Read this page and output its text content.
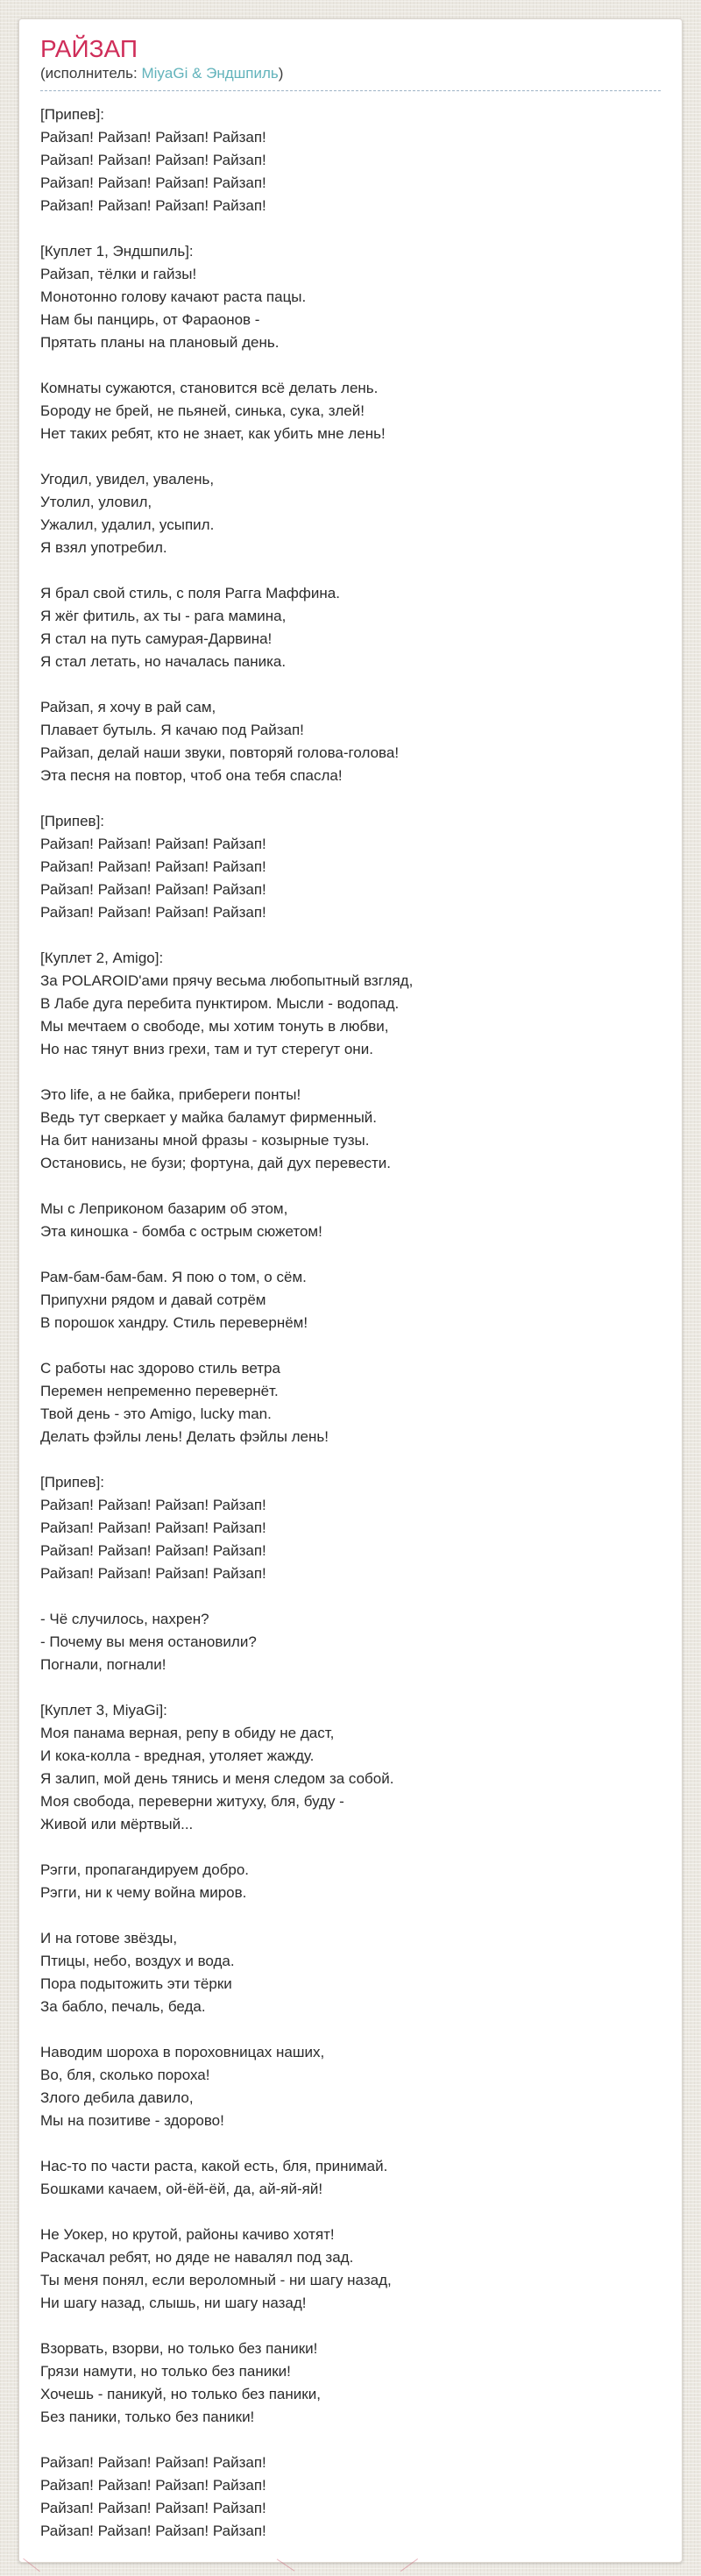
РАЙЗАП

(исполнитель: MiyaGi & Эндшпиль)

[Припев]:
Райзап! Райзап! Райзап! Райзап!
Райзап! Райзап! Райзап! Райзап!
Райзап! Райзап! Райзап! Райзап!
Райзап! Райзап! Райзап! Райзап!
[Куплет 1, Эндшпиль]:
Райзап, тёлки и гайзы!
Монотонно голову качают раста пацы.
Нам бы панцирь, от Фараонов -
Прятать планы на плановый день.
Комнаты сужаются, становится всё делать лень.
Бороду не брей, не пьяней, синька, сука, злей!
Нет таких ребят, кто не знает, как убить мне лень!
Угодил, увидел, увалень,
Утолил, уловил,
Ужалил, удалил, усыпил.
Я взял употребил.
Я брал свой стиль, с поля Рагга Маффина.
Я жёг фитиль, ах ты - рага мамина,
Я стал на путь самурая-Дарвина!
Я стал летать, но началась паника.
Райзап, я хочу в рай сам,
Плавает бутыль. Я качаю под Райзап!
Райзап, делай наши звуки, повторяй голова-голова!
Эта песня на повтор, чтоб она тебя спасла!
[Припев]:
Райзап! Райзап! Райзап! Райзап!
Райзап! Райзап! Райзап! Райзап!
Райзап! Райзап! Райзап! Райзап!
Райзап! Райзап! Райзап! Райзап!
[Куплет 2, Amigo]:
За POLAROID'ами прячу весьма любопытный взгляд,
В Лабе дуга перебита пунктиром. Мысли - водопад.
Мы мечтаем о свободе, мы хотим тонуть в любви,
Но нас тянут вниз грехи, там и тут стерегут они.
Это life, а не байка, прибереги понты!
Ведь тут сверкает у майка баламут фирменный.
На бит нанизаны мной фразы - козырные тузы.
Остановись, не бузи; фортуна, дай дух перевести.
Мы с Леприконом базарим об этом,
Эта киношка - бомба с острым сюжетом!
Рам-бам-бам-бам. Я пою о том, о сём.
Припухни рядом и давай сотрём
В порошок хандру. Стиль перевернём!
С работы нас здорово стиль ветра
Перемен непременно перевернёт.
Твой день - это Amigo, lucky man.
Делать фэйлы лень! Делать фэйлы лень!
[Припев]:
Райзап! Райзап! Райзап! Райзап!
Райзап! Райзап! Райзап! Райзап!
Райзап! Райзап! Райзап! Райзап!
Райзап! Райзап! Райзап! Райзап!
- Чё случилось, нахрен?
- Почему вы меня остановили?
Погнали, погнали!
[Куплет 3, MiyaGi]:
Моя панама верная, репу в обиду не даст,
И кока-колла - вредная, утоляет жажду.
Я залип, мой день тянись и меня следом за собой.
Моя свобода, переверни житуху, бля, буду -
Живой или мёртвый...
Рэгги, пропагандируем добро.
Рэгги, ни к чему война миров.
И на готове звёзды,
Птицы, небо, воздух и вода.
Пора подытожить эти тёрки
За бабло, печаль, беда.
Наводим шороха в пороховницах наших,
Во, бля, сколько пороха!
Злого дебила давило,
Мы на позитиве - здорово!
Нас-то по части раста, какой есть, бля, принимай.
Бошками качаем, ой-ёй-ёй, да, ай-яй-яй!
Не Уокер, но крутой, районы качиво хотят!
Раскачал ребят, но дяде не навалял под зад.
Ты меня понял, если вероломный - ни шагу назад,
Ни шагу назад, слышь, ни шагу назад!
Взорвать, взорви, но только без паники!
Грязи намути, но только без паники!
Хочешь - паникуй, но только без паники,
Без паники, только без паники!
Райзап! Райзап! Райзап! Райзап!
Райзап! Райзап! Райзап! Райзап!
Райзап! Райзап! Райзап! Райзап!
Райзап! Райзап! Райзап! Райзап!
